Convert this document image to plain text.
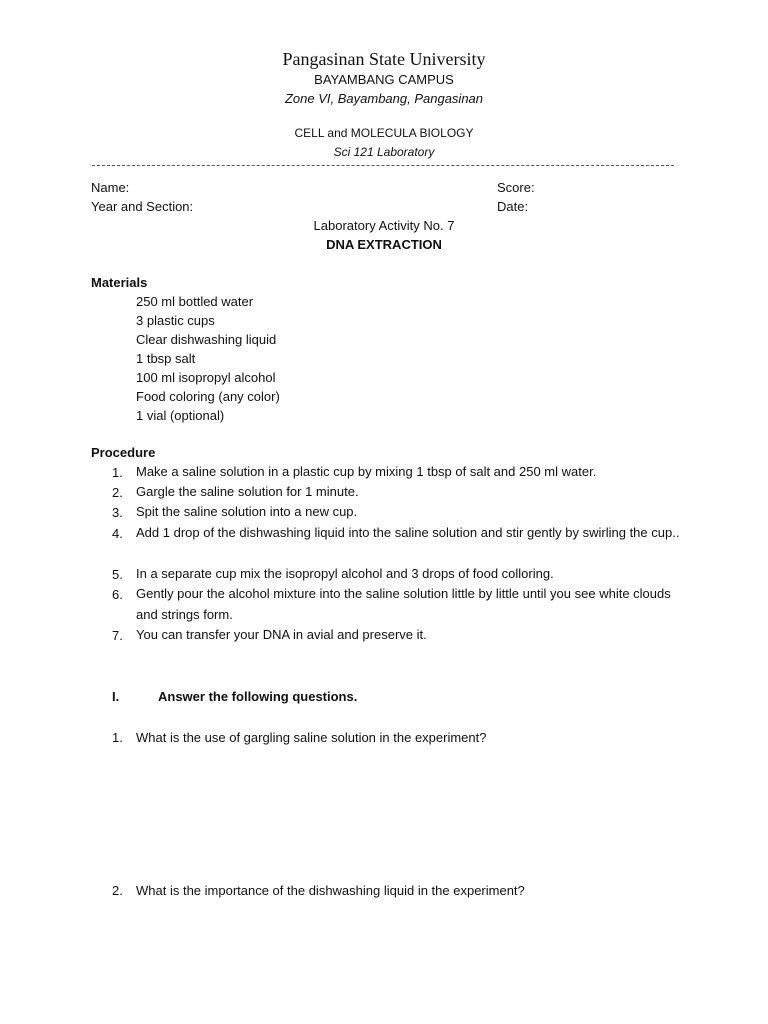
Pangasinan State University
BAYAMBANG CAMPUS
Zone VI, Bayambang, Pangasinan
CELL and MOLECULA BIOLOGY
Sci 121 Laboratory
Name:	Score:
Year and Section:	Date:
Laboratory Activity No. 7
DNA EXTRACTION
Materials
250 ml bottled water
3 plastic cups
Clear dishwashing liquid
1 tbsp salt
100 ml isopropyl alcohol
Food coloring (any color)
1 vial (optional)
Procedure
1.	Make a saline solution in a plastic cup by mixing 1 tbsp of salt and 250 ml water.
2.	Gargle the saline solution for 1 minute.
3.	Spit the saline solution into a new cup.
4.	Add 1 drop of the dishwashing liquid into the saline solution and stir gently by swirling the cup..
5.	In a separate cup mix the isopropyl alcohol and 3 drops of food colloring.
6.	Gently pour the alcohol mixture into the saline solution little by little until you see white clouds and strings form.
7.	You can transfer your DNA in avial and preserve it.
I.	Answer the following questions.
1.	What is the use of gargling saline solution in the experiment?
2.	What is the importance of the dishwashing liquid in the experiment?
